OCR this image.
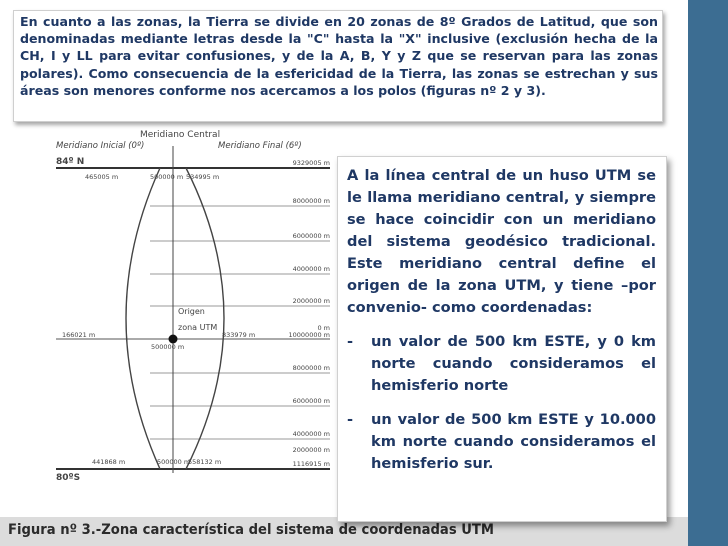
En cuanto a las zonas, la Tierra se divide en 20 zonas de 8º Grados de Latitud, que son denominadas mediante letras desde la "C" hasta la "X" inclusive (exclusión hecha de la CH, I y LL para evitar confusiones, y de la A, B, Y y Z que se reservan para las zonas polares). Como consecuencia de la esfericidad de la Tierra, las zonas se estrechan y sus áreas son menores conforme nos acercamos a los polos (figuras nº 2 y 3).
Meridiano Central
Meridiano Inicial (0º)	Meridiano Final (6º)
84º N
80ºS
Origen
zona UTM
465005 m	500000 m 534995 m
166021 m
500000 m
833979 m
441868 m	500000 m
558132 m
9329005 m
8000000 m
6000000 m
4000000 m
2000000 m
0 m
10000000 m
8000000 m
6000000 m
4000000 m
2000000 m
1116915 m
Figura nº 3.-Zona característica del sistema de coordenadas UTM

A la línea central de un huso UTM se le llama meridiano central, y siempre se hace coincidir con un meridiano del sistema geodésico tradicional. Este meridiano central define el origen de la zona UTM, y tiene –por convenio- como coordenadas:

- un valor de 500 km ESTE, y 0 km norte cuando consideramos el hemisferio norte
- un valor de 500 km ESTE y 10.000 km norte cuando consideramos el hemisferio sur.
